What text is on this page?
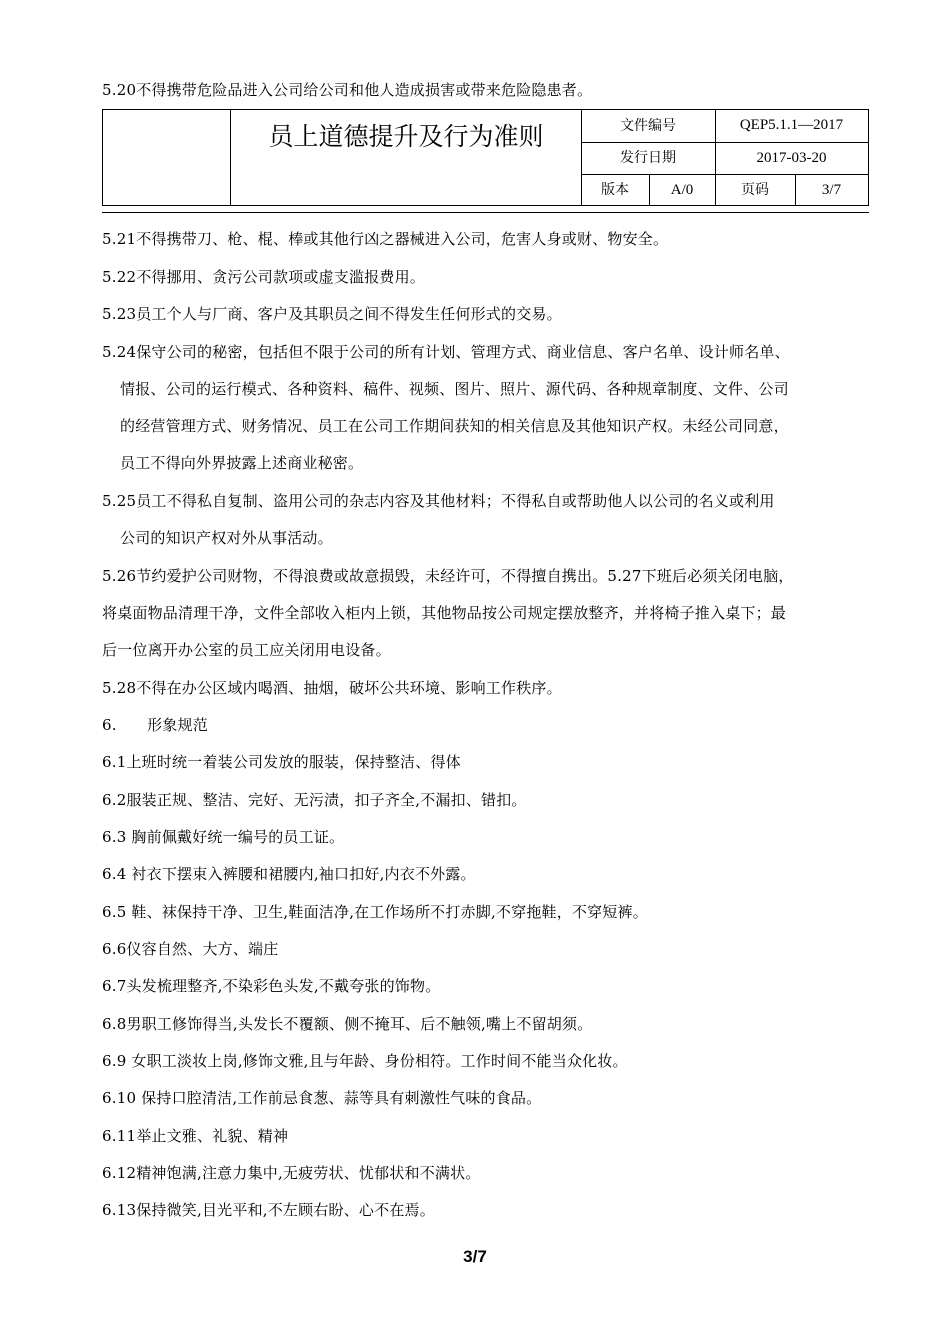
5.20不得携带危险品进入公司给公司和他人造成损害或带来危险隐患者。
员上道德提升及行为准则	文件编号	QEP5.1.1—2017
发行日期	2017-03-20
版本	A/0	页码	3/7
5.21不得携带刀、枪、棍、棒或其他行凶之器械进入公司，危害人身或财、物安全。
5.22不得挪用、贪污公司款项或虚支滥报费用。
5.23员工个人与厂商、客户及其职员之间不得发生任何形式的交易。
5.24保守公司的秘密，包括但不限于公司的所有计划、管理方式、商业信息、客户名单、设计师名单、
情报、公司的运行模式、各种资料、稿件、视频、图片、照片、源代码、各种规章制度、文件、公司
的经营管理方式、财务情况、员工在公司工作期间获知的相关信息及其他知识产权。未经公司同意，
员工不得向外界披露上述商业秘密。
5.25员工不得私自复制、盗用公司的杂志内容及其他材料；不得私自或帮助他人以公司的名义或利用
公司的知识产权对外从事活动。
5.26节约爱护公司财物，不得浪费或故意损毁，未经许可，不得擅自携出。5.27下班后必须关闭电脑，
将桌面物品清理干净，文件全部收入柜内上锁，其他物品按公司规定摆放整齐，并将椅子推入桌下；最
后一位离开办公室的员工应关闭用电设备。
5.28不得在办公区域内喝酒、抽烟，破坏公共环境、影响工作秩序。
6.　　形象规范
6.1上班时统一着装公司发放的服装，保持整洁、得体
6.2服装正规、整洁、完好、无污渍，扣子齐全,不漏扣、错扣。
6.3 胸前佩戴好统一编号的员工证。
6.4 衬衣下摆束入裤腰和裙腰内,袖口扣好,内衣不外露。
6.5 鞋、袜保持干净、卫生,鞋面洁净,在工作场所不打赤脚,不穿拖鞋，不穿短裤。
6.6仪容自然、大方、端庄
6.7头发梳理整齐,不染彩色头发,不戴夸张的饰物。
6.8男职工修饰得当,头发长不覆额、侧不掩耳、后不触领,嘴上不留胡须。
6.9 女职工淡妆上岗,修饰文雅,且与年龄、身份相符。工作时间不能当众化妆。
6.10 保持口腔清洁,工作前忌食葱、蒜等具有刺激性气味的食品。
6.11举止文雅、礼貌、精神
6.12精神饱满,注意力集中,无疲劳状、忧郁状和不满状。
6.13保持微笑,目光平和,不左顾右盼、心不在焉。
3/7
